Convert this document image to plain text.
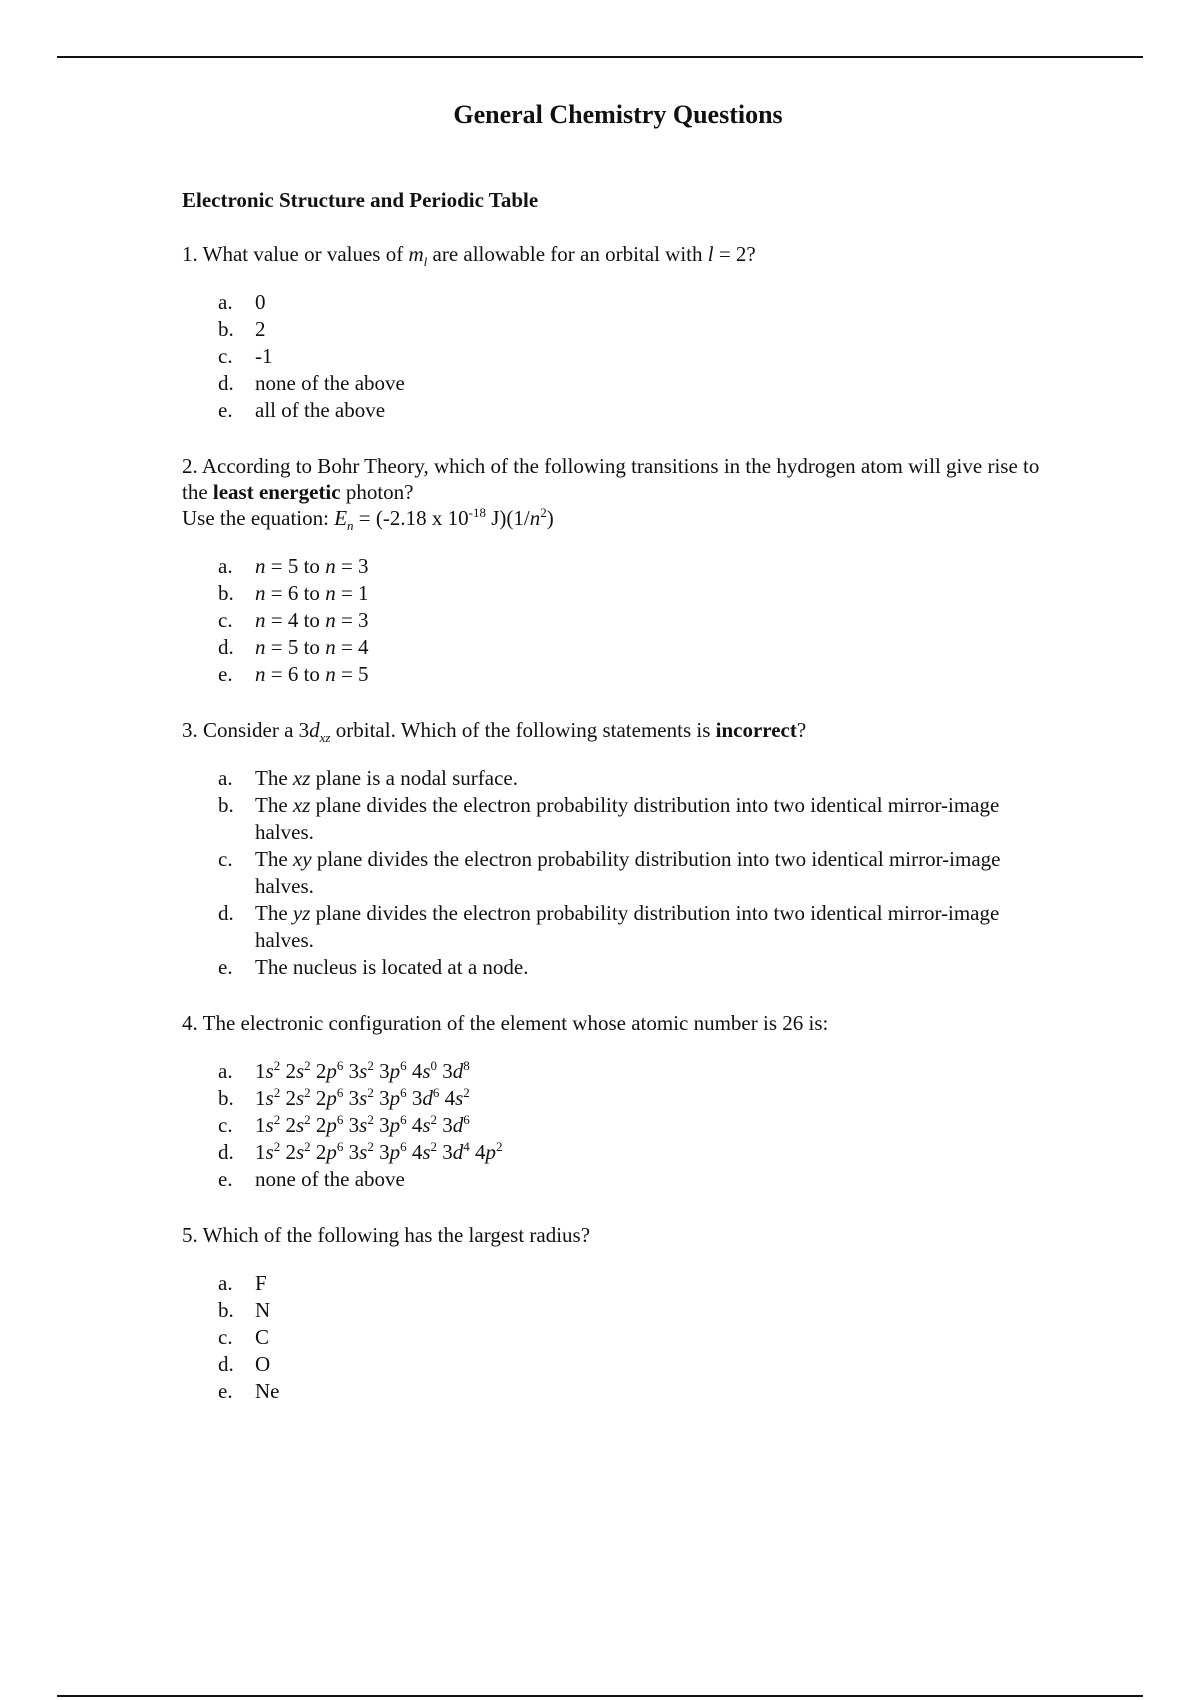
General Chemistry Questions
Electronic Structure and Periodic Table

1. What value or values of $m_l$ are allowable for an orbital with l = 2?

a.	0
b.	2
c.	-1
d.	none of the above
e.	all of the above

2. According to Bohr Theory, which of the following transitions in the hydrogen atom will give rise to the least energetic photon?
Use the equation: $E_n = (-2.18$ x $10^{-18}$ $J)(1/n^2)$

a.	n = 5 to n = 3
b.	n = 6 to n = 1
c.	n = 4 to n = 3
d.	n = 5 to n = 4
e.	n = 6 to n = 5

3. Consider a $3d_{xz}$ orbital. Which of the following statements is incorrect?

a.	The xz plane is a nodal surface.
b.	The xz plane divides the electron probability distribution into two identical mirror-image halves.
c.	The xy plane divides the electron probability distribution into two identical mirror-image halves.
d.	The yz plane divides the electron probability distribution into two identical mirror-image halves.
e.	The nucleus is located at a node.

4. The electronic configuration of the element whose atomic number is 26 is:

a.	$1s^2$ $2s^2$ $2p^6$ $3s^2$ $3p^6$ $4s^0$ $3d^8$
b.	$1s^2$ $2s^2$ $2p^6$ $3s^2$ $3p^6$ $3d^6$ $4s^2$
c.	$1s^2$ $2s^2$ $2p^6$ $3s^2$ $3p^6$ $4s^2$ $3d^6$
d.	$1s^2$ $2s^2$ $2p^6$ $3s^2$ $3p^6$ $4s^2$ $3d^4$ $4p^2$
e.	none of the above

5. Which of the following has the largest radius?

a.	F
b.	N
c.	C
d.	O
e.	Ne
